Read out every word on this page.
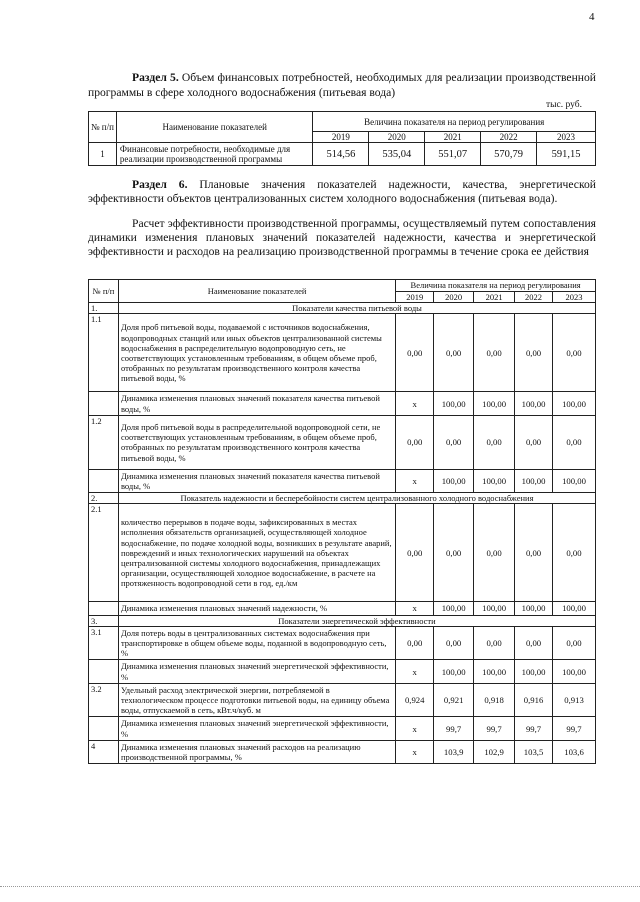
4
Раздел 5. Объем финансовых потребностей, необходимых для реализации производственной программы в сфере холодного водоснабжения (питьевая вода)
тыс. руб.
№ п/п	Наименование показателей	Величина показателя на период регулирования				
		2019	2020	2021	2022	2023
1	Финансовые потребности, необходимые для реализации производственной программы	514,56	535,04	551,07	570,79	591,15
Раздел 6. Плановые значения показателей надежности, качества, энергетической эффективности объектов централизованных систем холодного водоснабжения (питьевая вода).
Расчет эффективности производственной программы, осуществляемый путем сопоставления динамики изменения плановых значений показателей надежности, качества и энергетической эффективности и расходов на реализацию производственной программы в течение срока ее действия
№ п/п	Наименование показателей	Величина показателя на период регулирования				
		2019	2020	2021	2022	2023
1.	Показатели качества питьевой воды					
1.1	Доля проб питьевой воды, подаваемой с источников водоснабжения, водопроводных станций или иных объектов централизованной системы водоснабжения в распределительную водопроводную сеть, не соответствующих установленным требованиям, в общем объеме проб, отобранных по результатам производственного контроля качества питьевой воды, %	0,00	0,00	0,00	0,00	0,00
	Динамика изменения плановых значений показателя качества питьевой воды, %	x	100,00	100,00	100,00	100,00
1.2	Доля проб питьевой воды в распределительной водопроводной сети, не соответствующих установленным требованиям, в общем объеме проб, отобранных по результатам производственного контроля качества питьевой воды, %	0,00	0,00	0,00	0,00	0,00
	Динамика изменения плановых значений показателя качества питьевой воды, %	x	100,00	100,00	100,00	100,00
2.	Показатель надежности и бесперебойности систем централизованного холодного водоснабжения					
2.1	количество перерывов в подаче воды, зафиксированных в местах исполнения обязательств организацией, осуществляющей холодное водоснабжение, по подаче холодной воды, возникших в результате аварий, повреждений и иных технологических нарушений на объектах централизованной системы холодного водоснабжения, принадлежащих организации, осуществляющей холодное водоснабжение, в расчете на протяженность водопроводной сети в год, ед./км	0,00	0,00	0,00	0,00	0,00
	Динамика изменения плановых значений надежности, %	x	100,00	100,00	100,00	100,00
3.	Показатели энергетической эффективности					
3.1	Доля потерь воды в централизованных системах водоснабжения при транспортировке в общем объеме воды, поданной в водопроводную сеть, %	0,00	0,00	0,00	0,00	0,00
	Динамика изменения плановых значений энергетической эффективности, %	x	100,00	100,00	100,00	100,00
3.2	Удельный расход электрической энергии, потребляемой в технологическом процессе подготовки питьевой воды, на единицу объема воды, отпускаемой в сеть, кВт.ч/куб. м	0,924	0,921	0,918	0,916	0,913
	Динамика изменения плановых значений энергетической эффективности, %	x	99,7	99,7	99,7	99,7
4	Динамика изменения плановых значений расходов на реализацию производственной программы, %	x	103,9	102,9	103,5	103,6
